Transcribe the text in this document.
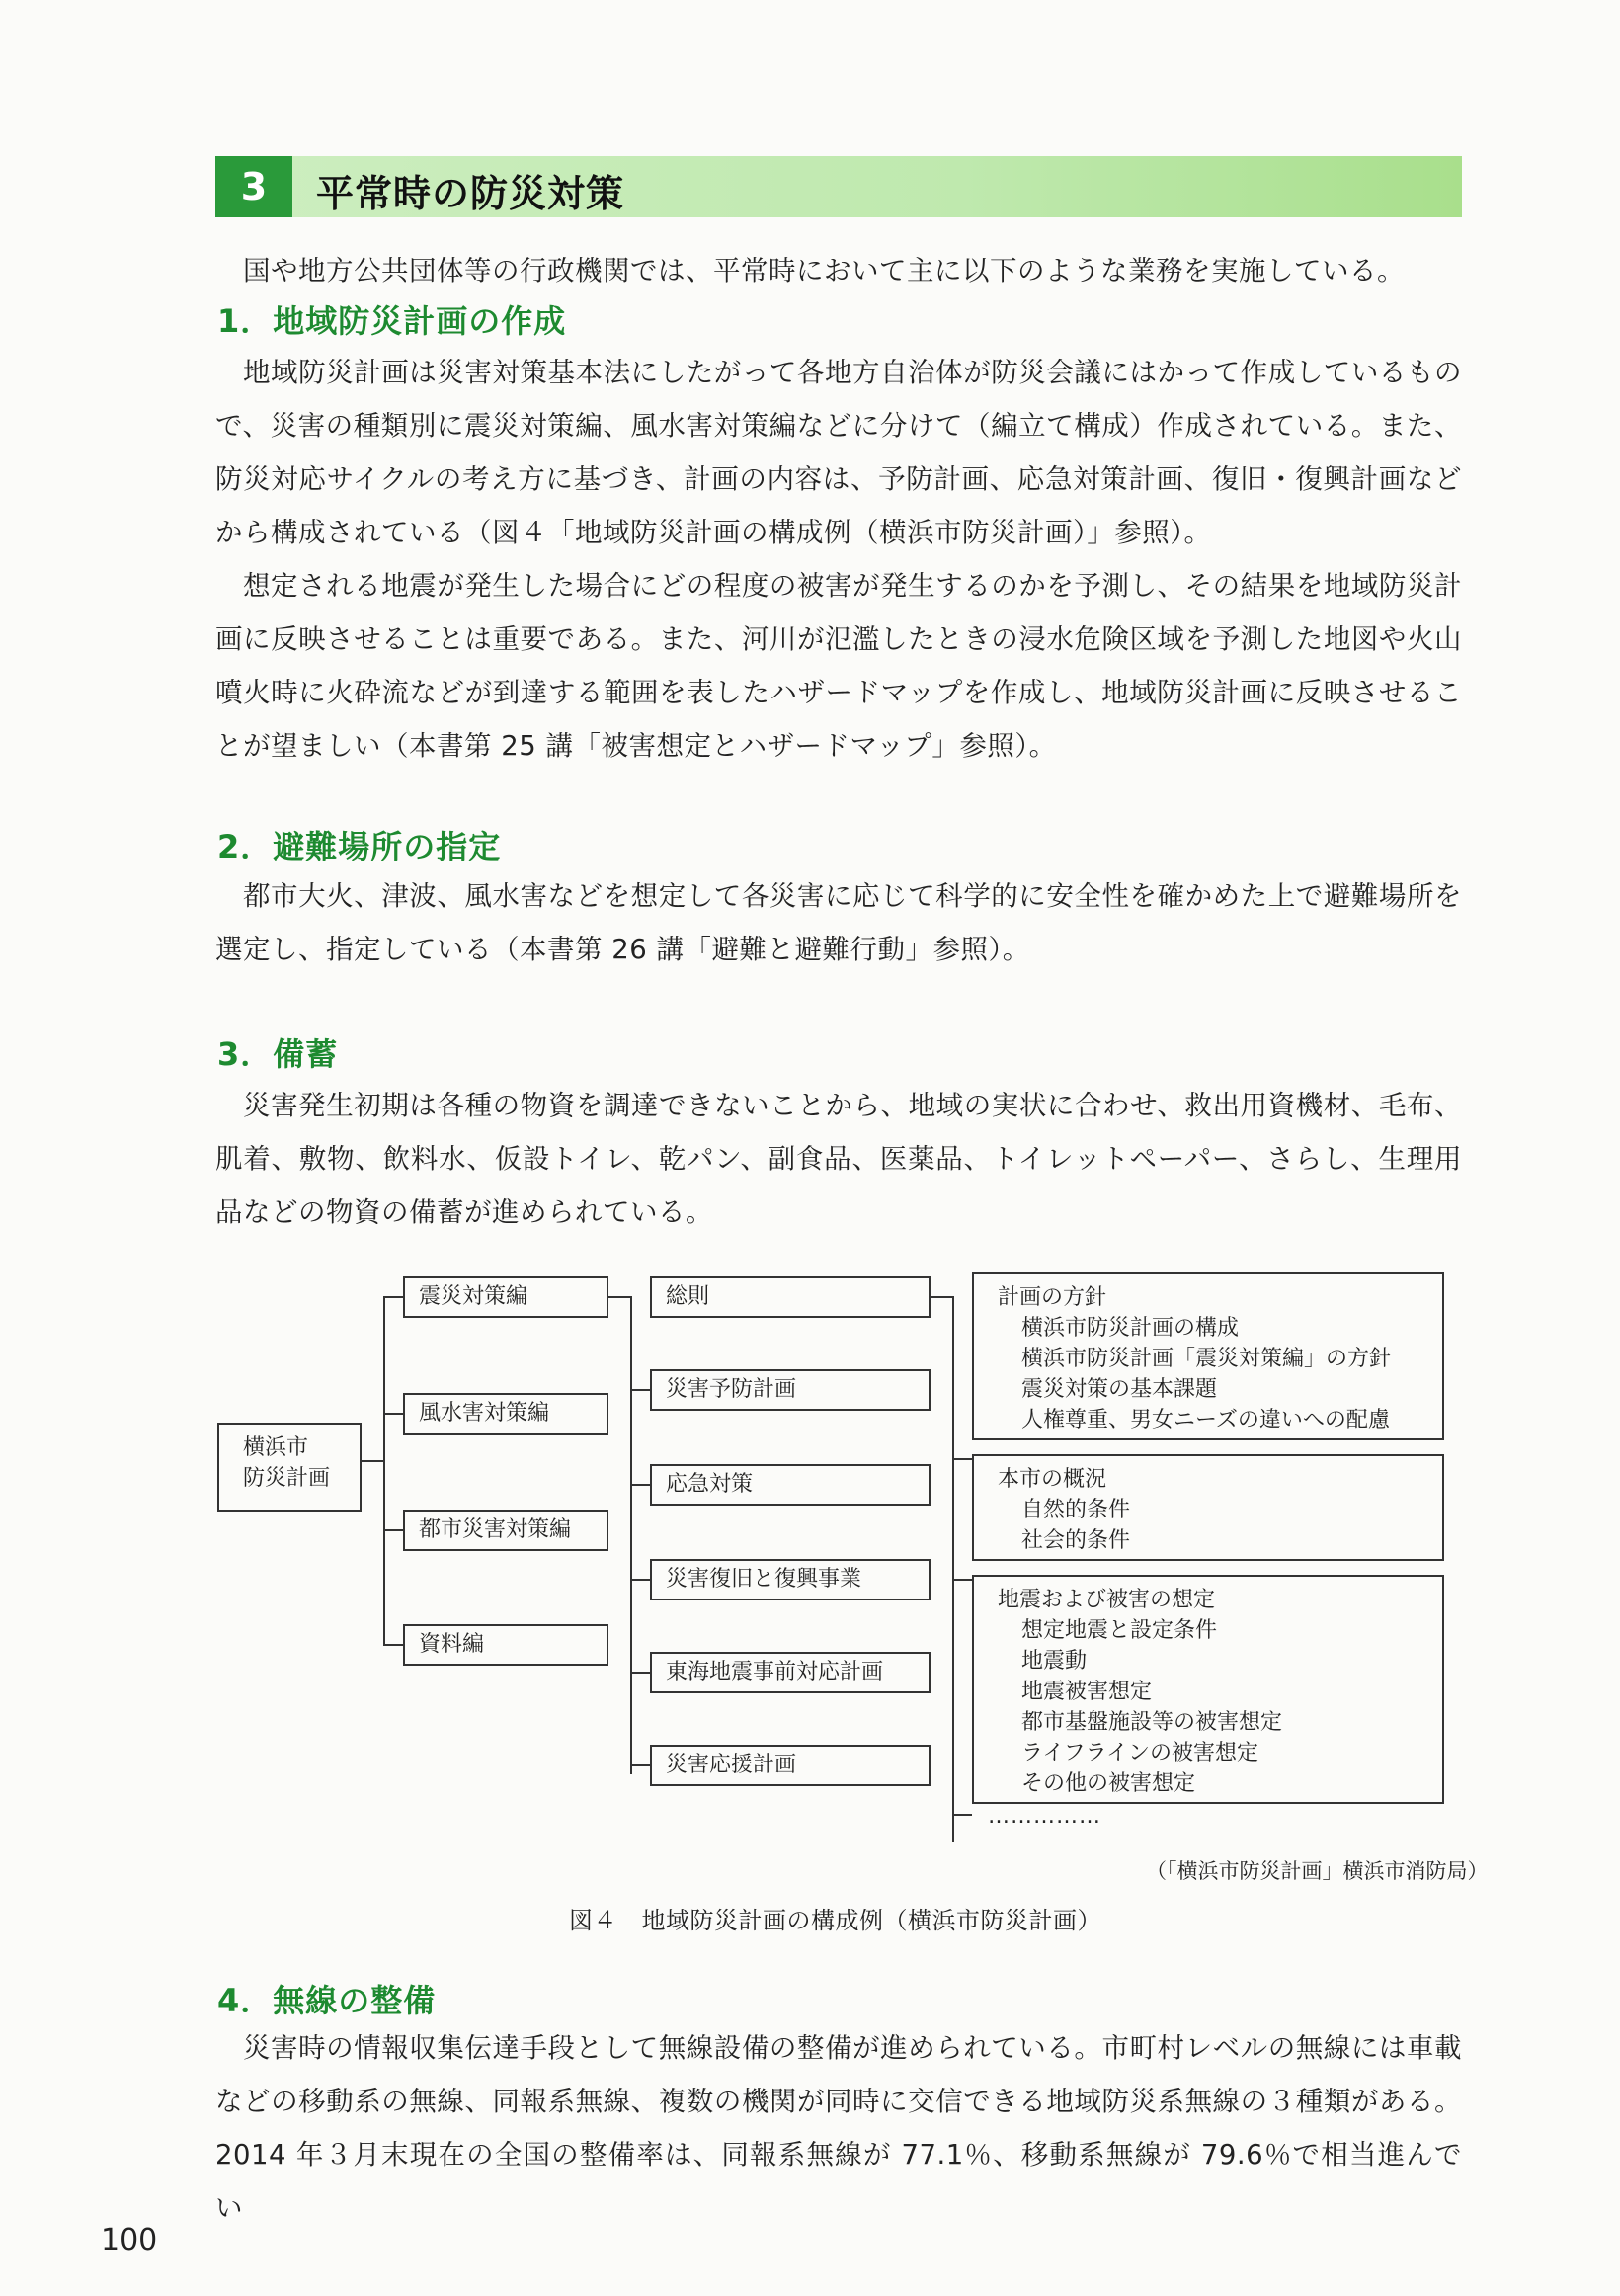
3	平常時の防災対策
国や地方公共団体等の行政機関では、平常時において主に以下のような業務を実施している。
1．地域防災計画の作成
地域防災計画は災害対策基本法にしたがって各地方自治体が防災会議にはかって作成しているもので、災害の種類別に震災対策編、風水害対策編などに分けて（編立て構成）作成されている。また、防災対応サイクルの考え方に基づき、計画の内容は、予防計画、応急対策計画、復旧・復興計画などから構成されている（図４「地域防災計画の構成例（横浜市防災計画）」参照）。
想定される地震が発生した場合にどの程度の被害が発生するのかを予測し、その結果を地域防災計画に反映させることは重要である。また、河川が氾濫したときの浸水危険区域を予測した地図や火山噴火時に火砕流などが到達する範囲を表したハザードマップを作成し、地域防災計画に反映させることが望ましい（本書第 25 講「被害想定とハザードマップ」参照）。
2．避難場所の指定
都市大火、津波、風水害などを想定して各災害に応じて科学的に安全性を確かめた上で避難場所を選定し、指定している（本書第 26 講「避難と避難行動」参照）。
3．備蓄
災害発生初期は各種の物資を調達できないことから、地域の実状に合わせ、救出用資機材、毛布、肌着、敷物、飲料水、仮設トイレ、乾パン、副食品、医薬品、トイレットペーパー、さらし、生理用品などの物資の備蓄が進められている。
横浜市
防災計画
震災対策編
風水害対策編
都市災害対策編
資料編
総則
災害予防計画
応急対策
災害復旧と復興事業
東海地震事前対応計画
災害応援計画
計画の方針
横浜市防災計画の構成
横浜市防災計画「震災対策編」の方針
震災対策の基本課題
人権尊重、男女ニーズの違いへの配慮
本市の概況
自然的条件
社会的条件
地震および被害の想定
想定地震と設定条件
地震動
地震被害想定
都市基盤施設等の被害想定
ライフラインの被害想定
その他の被害想定
……………
（「横浜市防災計画」横浜市消防局）
図４　地域防災計画の構成例（横浜市防災計画）
4．無線の整備
災害時の情報収集伝達手段として無線設備の整備が進められている。市町村レベルの無線には車載などの移動系の無線、同報系無線、複数の機関が同時に交信できる地域防災系無線の３種類がある。2014 年３月末現在の全国の整備率は、同報系無線が 77.1％、移動系無線が 79.6％で相当進んでい
100
